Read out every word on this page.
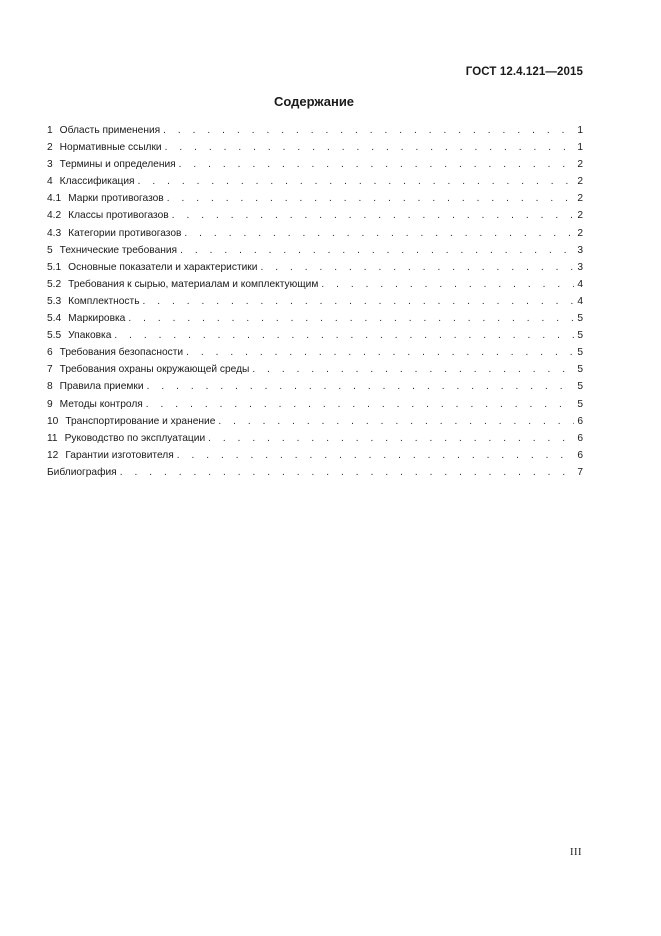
ГОСТ 12.4.121—2015
Содержание
1 Область применения . . .	1
2 Нормативные ссылки . . .	1
3 Термины и определения . . .	2
4 Классификация . . .	2
4.1 Марки противогазов . . .	2
4.2 Классы противогазов . . .	2
4.3 Категории противогазов . . .	2
5 Технические требования . . .	3
5.1 Основные показатели и характеристики . . .	3
5.2 Требования к сырью, материалам и комплектующим . . .	4
5.3 Комплектность . . .	4
5.4 Маркировка . . .	5
5.5 Упаковка . . .	5
6 Требования безопасности . . .	5
7 Требования охраны окружающей среды . . .	5
8 Правила приемки . . .	5
9 Методы контроля . . .	5
10 Транспортирование и хранение . . .	6
11 Руководство по эксплуатации . . .	6
12 Гарантии изготовителя . . .	6
Библиография . . .	7
III
